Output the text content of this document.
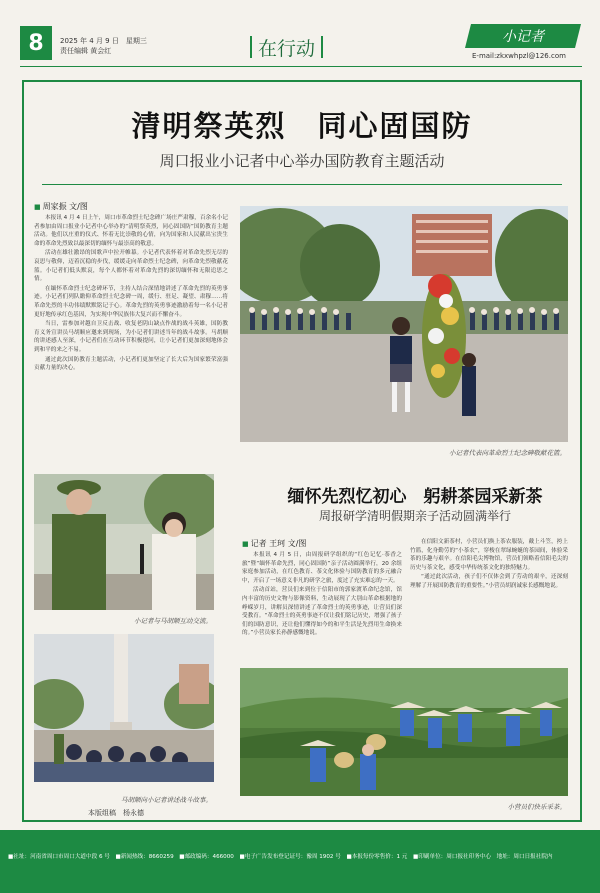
8	2025 年 4 月 9 日　星期三
责任编辑 黄会红	在行动
小记者
E-mail:zkxwhpzl@126.com
清明祭英烈　同心固国防
周口报业小记者中心举办国防教育主题活动
■ 周家振 文/图

本报讯 4 月 4 日上午，周口市革命烈士纪念碑广场庄严肃穆，百余名小记者参加由周口报业小记者中心举办的“清明祭英烈，同心固国防”国防教育主题活动。他们以庄重的仪式、怀着无比崇敬的心情，向为国家和人民献出宝贵生命的革命先烈致以最深切的缅怀与最崇高的敬意。

活动在雄壮激昂的国歌声中拉开帷幕。小记者代表怀着对革命先烈无尽的哀思与敬仰，迈着沉稳的步伐，缓缓走向革命烈士纪念碑，向革命先烈敬献花篮。小记者们低头默哀，每个人都怀着对革命先烈的深切缅怀和无限追思之情。

在缅怀革命烈士纪念碑环节，主持人结合深情地讲述了革命先烈的英勇事迹。小记者们列队瞻仰革命烈士纪念碑一周，缓行、驻足、凝望、肃穆……将革命先烈的丰功伟绩默默铭记于心。革命先烈的英勇事迹激励着每一名小记者更好地传承红色基因，为实现中华民族伟大复兴而不懈奋斗。

当日，雷参加对越自卫反击战、收复老阴山缺点作战的战斗英雄，国防教育义务宣讲员马胡顺应邀来到现场，为小记者们讲述当年的战斗故事。马胡顺的讲述感人至深，小记者们在互动环节积极提问，让小记者们更加深刻地体会到和平的来之不易。

通过此次国防教育主题活动，小记者们更加坚定了长大后为国家繁荣富强贡献力量的决心。

小记者代表向革命烈士纪念碑敬献花篮。
小记者与马胡顺互动交流。
马胡顺向小记者讲述战斗故事。
缅怀先烈忆初心　躬耕茶园采新茶
周报研学清明假期亲子活动圆满举行
■ 记者 王珂 文/图

本报讯 4 月 5 日，由周报研学组织的“红色记忆·茶香之旅”暨“缅怀革命先烈，同心固国防”亲子活动圆满举行，20 余组家庭参加活动，在红色教育、茶文化体验与国防教育的多元融合中，开启了一场意义非凡的研学之旅，度过了充实难忘的一天。

活动首站，营员们来到位于信阳市的郭家渡革命纪念馆，馆内丰富的历史文物与影像资料，生动展现了大别山革命根据地的峥嵘岁月，讲解员深情讲述了革命烈士的英勇事迹，让营员们深受教育。“革命烈士的英勇事迹不仅让我们铭记历史，增强了孩子们的国防意识，还让他们懂得如今的和平生活是先烈用生命换来的。”小营员家长孙静感慨地说。

在信阳文新茶村，小营员们换上茶农服装，戴上斗笠，挎上竹篮，化身勤劳的“小茶农”，穿梭在翠绿蜿蜒的茶园间，体验采茶的乐趣与艰辛。在信阳毛尖博物馆，营员们领略着信阳毛尖的历史与茶文化，感受中华传统茶文化的独特魅力。

“通过此次活动，孩子们不仅体会到了劳动的艰辛，还深刻理解了开展国防教育的重要性。”小营员胡润诚家长感慨地说。

小营员们快乐采茶。
本版组稿　杨永德
■社址：河南省周口市周口大道中段 6 号　■新闻热线：8660259　■邮政编码：466000　■电子广告发布登记证号：豫周 1902 号　■本报每份零售价：1 元　■印刷单位：周口报社印务中心　地址：周口日报社院内
